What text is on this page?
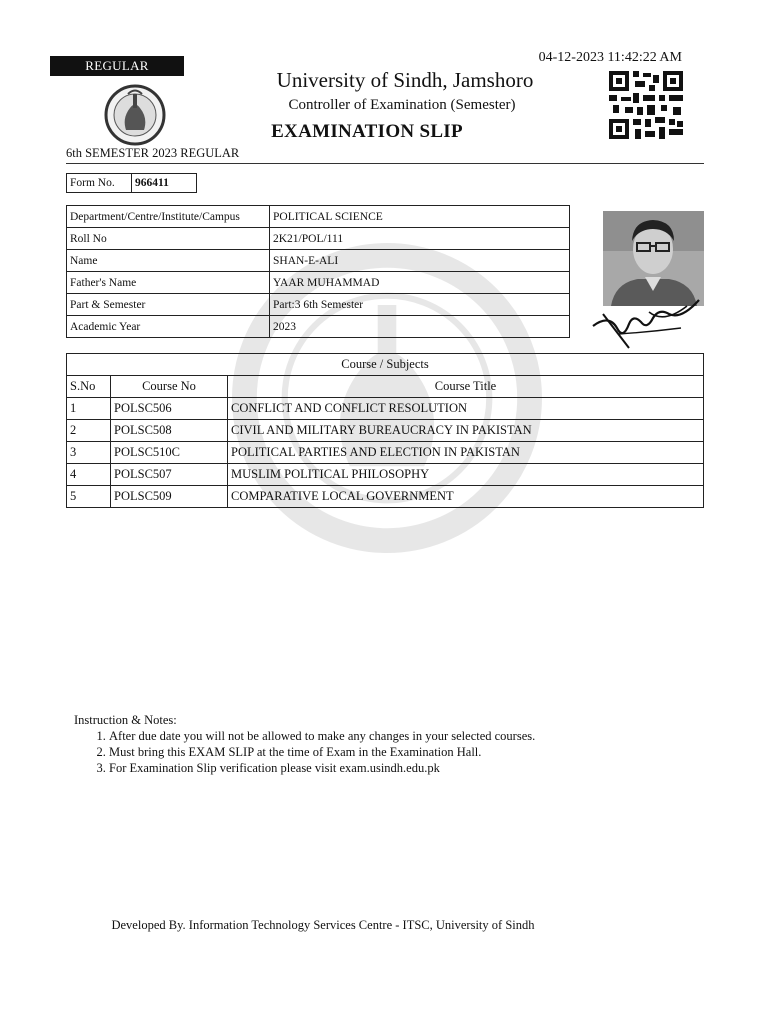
REGULAR
04-12-2023 11:42:22 AM
University of Sindh, Jamshoro
Controller of Examination (Semester)
EXAMINATION SLIP
6th SEMESTER 2023 REGULAR
Form No.	966411
Department/Centre/Institute/Campus	POLITICAL SCIENCE
Roll No	2K21/POL/111
Name	SHAN-E-ALI
Father's Name	YAAR MUHAMMAD
Part & Semester	Part:3 6th Semester
Academic Year	2023
Course / Subjects		
S.No	Course No	Course Title
1	POLSC506	CONFLICT AND CONFLICT RESOLUTION
2	POLSC508	CIVIL AND MILITARY BUREAUCRACY IN PAKISTAN
3	POLSC510C	POLITICAL PARTIES AND ELECTION IN PAKISTAN
4	POLSC507	MUSLIM POLITICAL PHILOSOPHY
5	POLSC509	COMPARATIVE LOCAL GOVERNMENT
Instruction & Notes:
1. After due date you will not be allowed to make any changes in your selected courses.
2. Must bring this EXAM SLIP at the time of Exam in the Examination Hall.
3. For Examination Slip verification please visit exam.usindh.edu.pk
Developed By. Information Technology Services Centre - ITSC, University of Sindh
